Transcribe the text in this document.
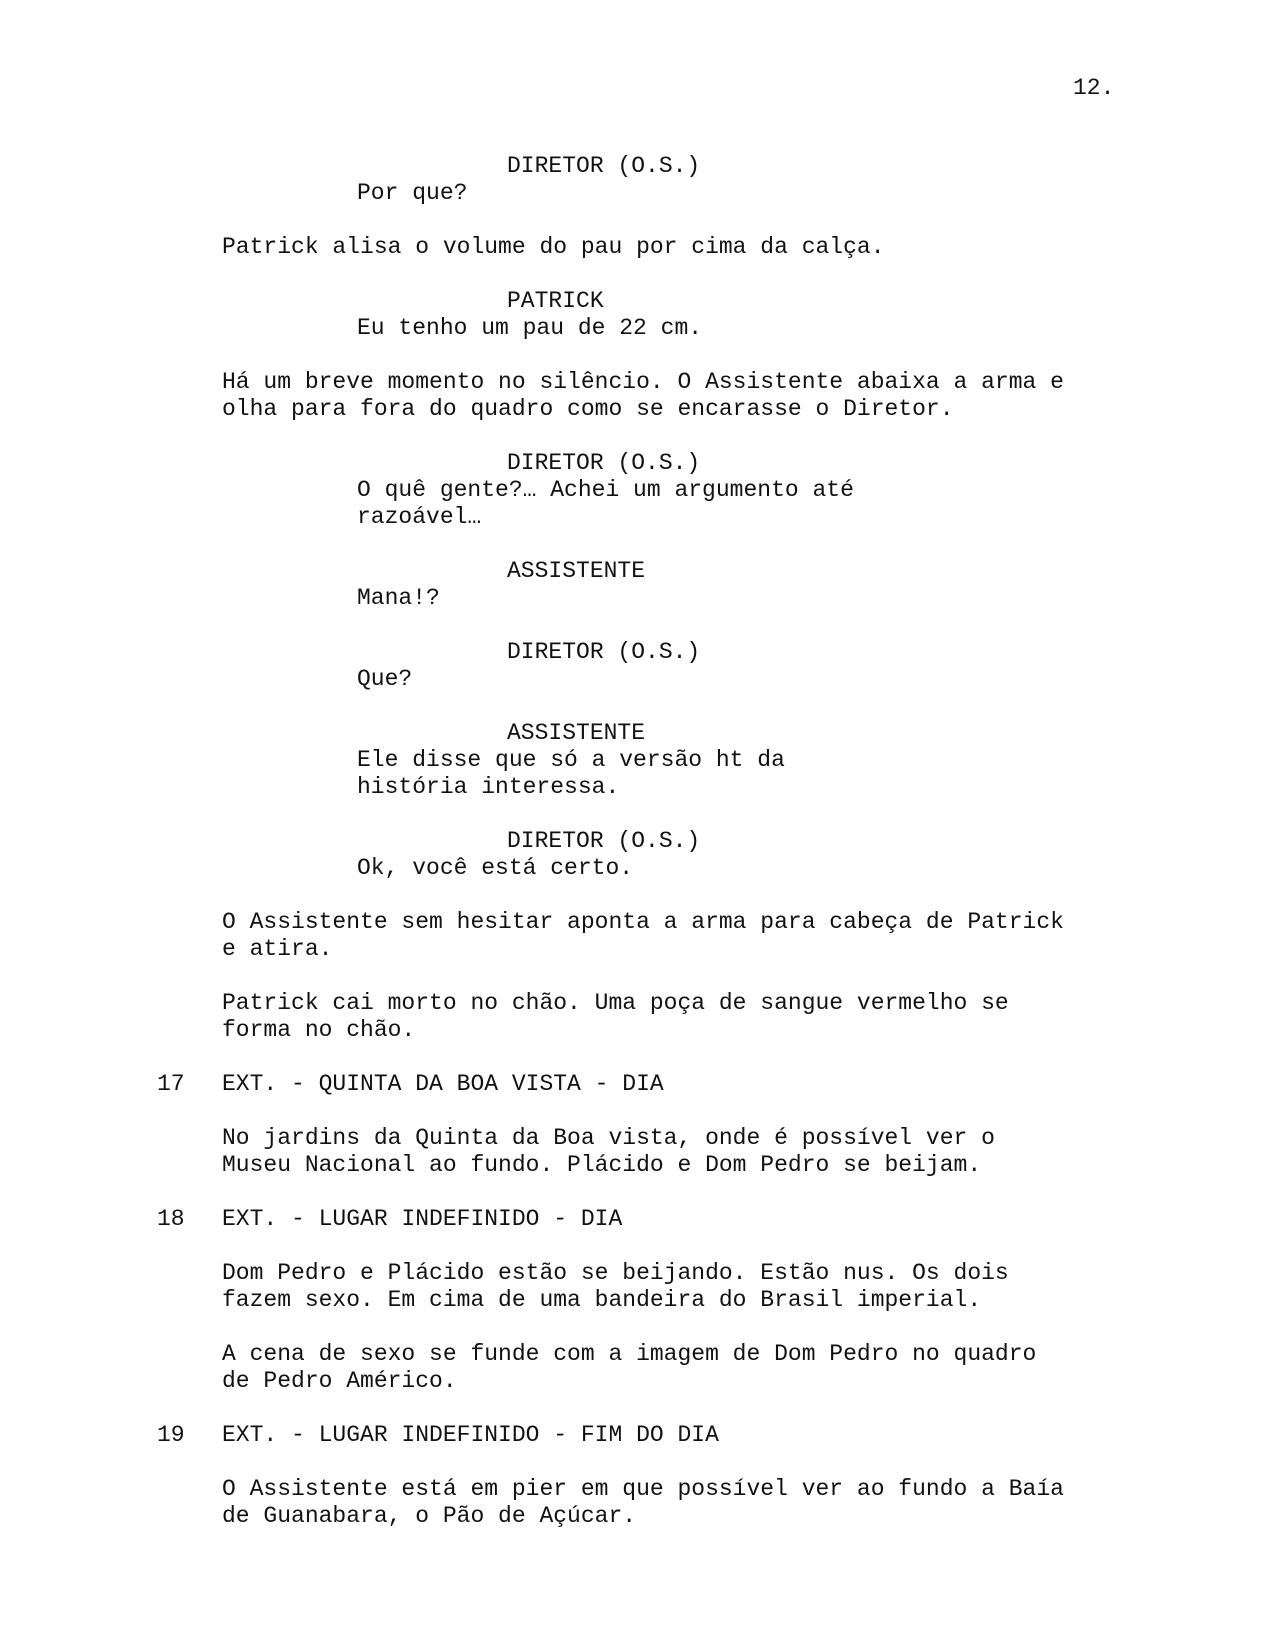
12.
DIRETOR (O.S.)
Por que?
Patrick alisa o volume do pau por cima da calça.
PATRICK
Eu tenho um pau de 22 cm.
Há um breve momento no silêncio. O Assistente abaixa a arma e
olha para fora do quadro como se encarasse o Diretor.
DIRETOR (O.S.)
O quê gente?… Achei um argumento até
razoável…
ASSISTENTE
Mana!?
DIRETOR (O.S.)
Que?
ASSISTENTE
Ele disse que só a versão ht da
história interessa.
DIRETOR (O.S.)
Ok, você está certo.
O Assistente sem hesitar aponta a arma para cabeça de Patrick
e atira.
Patrick cai morto no chão. Uma poça de sangue vermelho se
forma no chão.
17 EXT. - QUINTA DA BOA VISTA - DIA
No jardins da Quinta da Boa vista, onde é possível ver o
Museu Nacional ao fundo. Plácido e Dom Pedro se beijam.
18 EXT. - LUGAR INDEFINIDO - DIA
Dom Pedro e Plácido estão se beijando. Estão nus. Os dois
fazem sexo. Em cima de uma bandeira do Brasil imperial.
A cena de sexo se funde com a imagem de Dom Pedro no quadro
de Pedro Américo.
19 EXT. - LUGAR INDEFINIDO - FIM DO DIA
O Assistente está em pier em que possível ver ao fundo a Baía
de Guanabara, o Pão de Açúcar.
